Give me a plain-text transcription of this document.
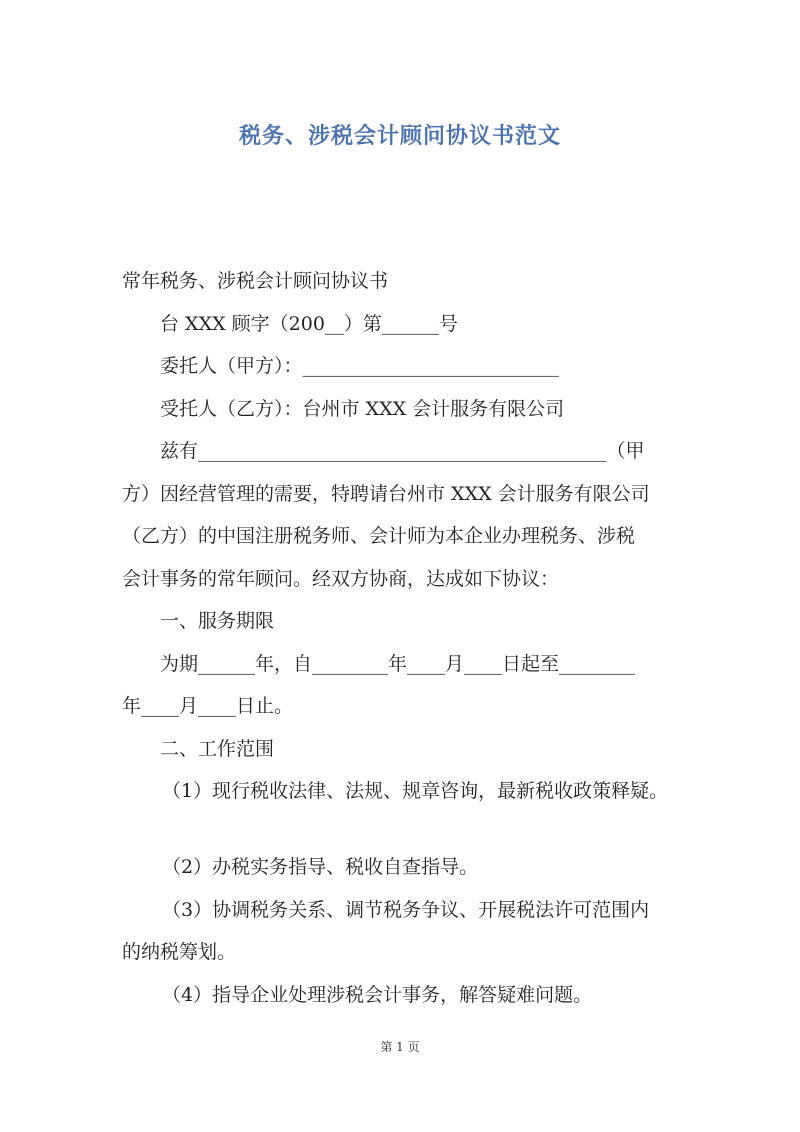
税务、涉税会计顾问协议书范文
常年税务、涉税会计顾问协议书
台 XXX 顾字（200__）第______号
委托人（甲方）：___________________________
受托人（乙方）：台州市 XXX 会计服务有限公司
兹有___________________________________________（甲
方）因经营管理的需要，特聘请台州市 XXX 会计服务有限公司
（乙方）的中国注册税务师、会计师为本企业办理税务、涉税
会计事务的常年顾问。经双方协商，达成如下协议：
一、服务期限
为期______年，自________年____月____日起至________
年____月____日止。
二、工作范围
（1）现行税收法律、法规、规章咨询，最新税收政策释疑。
（2）办税实务指导、税收自查指导。
（3）协调税务关系、调节税务争议、开展税法许可范围内
的纳税筹划。
（4）指导企业处理涉税会计事务，解答疑难问题。
第 1 页
